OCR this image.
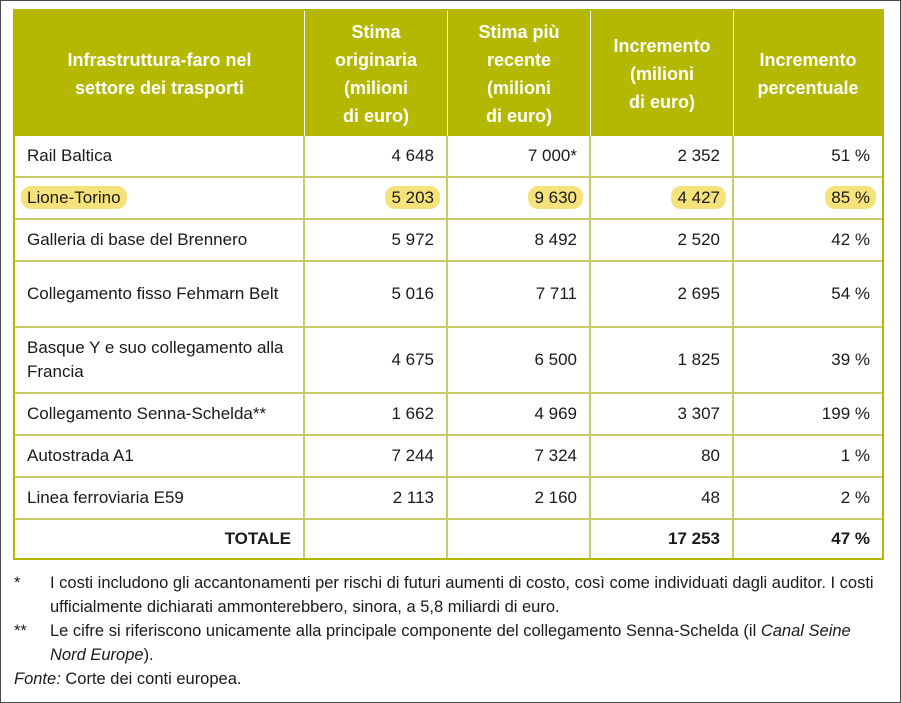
Infrastruttura-faro nel
settore dei trasporti	Stima
originaria
(milioni
di euro)	Stima più
recente
(milioni
di euro)	Incremento
(milioni
di euro)	Incremento
percentuale
Rail Baltica	4 648	7 000*	2 352	51 %
Lione-Torino	5 203	9 630	4 427	85 %
Galleria di base del Brennero	5 972	8 492	2 520	42 %
Collegamento fisso Fehmarn Belt	5 016	7 711	2 695	54 %
Basque Y e suo collegamento alla Francia	4 675	6 500	1 825	39 %
Collegamento Senna-Schelda**	1 662	4 969	3 307	199 %
Autostrada A1	7 244	7 324	80	1 %
Linea ferroviaria E59	2 113	2 160	48	2 %
TOTALE			17 253	47 %
*	I costi includono gli accantonamenti per rischi di futuri aumenti di costo, così come individuati dagli auditor. I costi ufficialmente dichiarati ammonterebbero, sinora, a 5,8 miliardi di euro.
**	Le cifre si riferiscono unicamente alla principale componente del collegamento Senna-Schelda (il Canal Seine Nord Europe).
Fonte: Corte dei conti europea.
